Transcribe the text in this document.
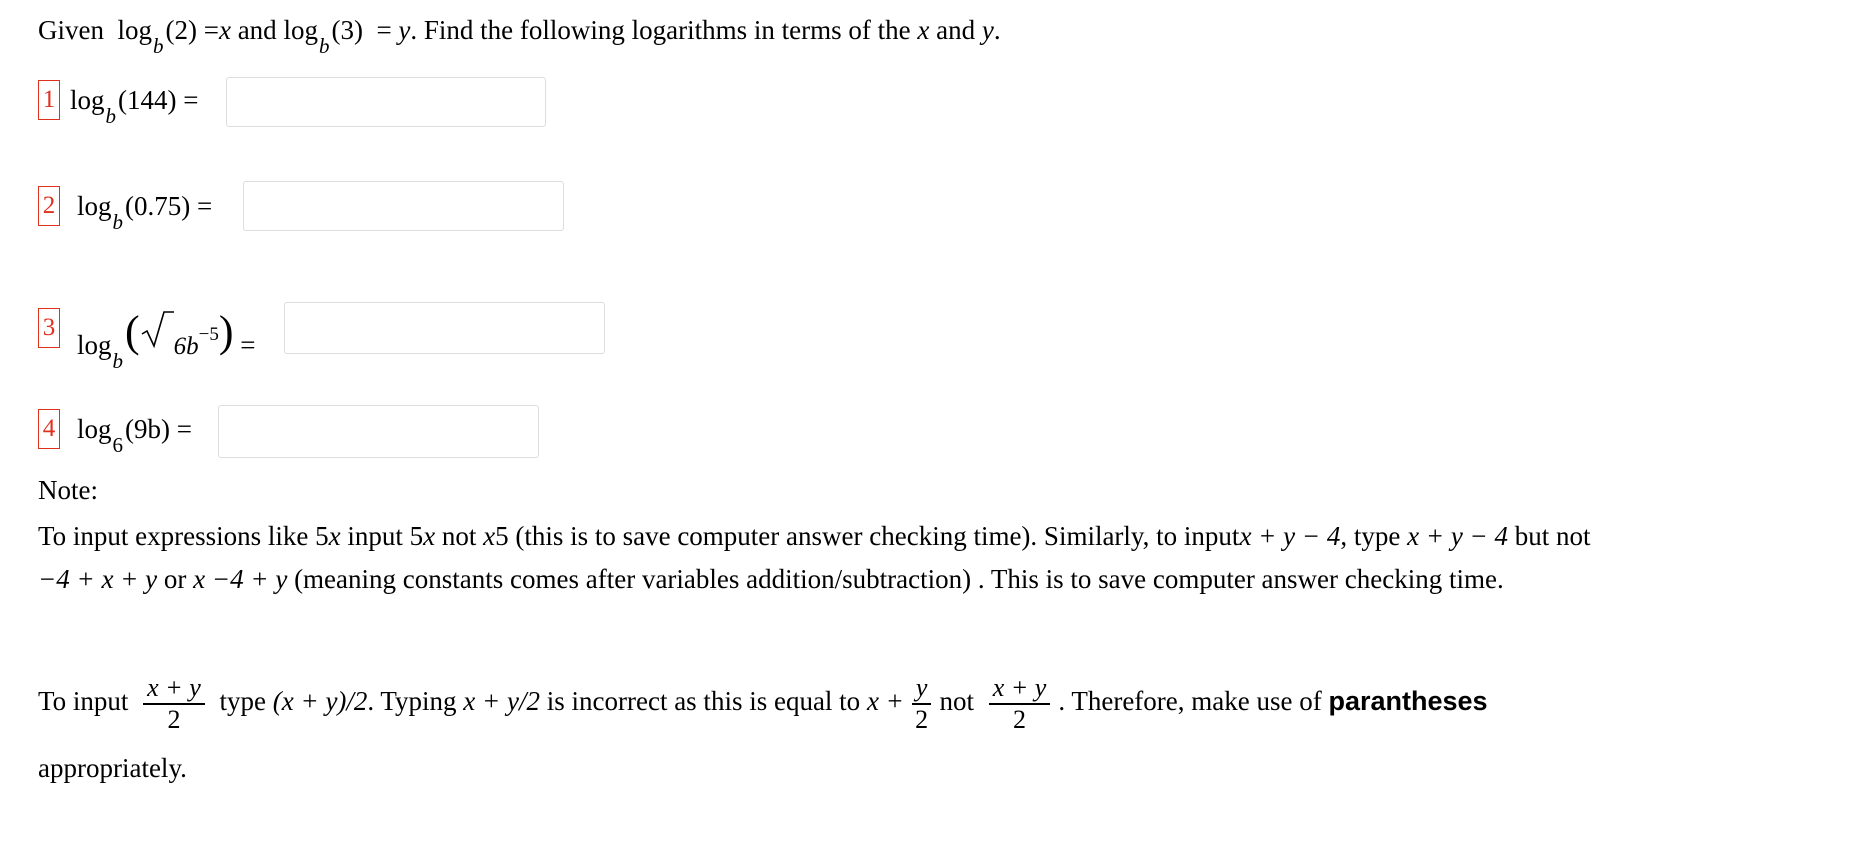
Given $\log_b(2) =x$ and $\log_b(3) = y$. Find the following logarithms in terms of the x and y.
1 $\log_b(144)$ =
2 $\log_b(0.75)$ =
3
$\log_b$( 6b−5) =
4 $\log_6(9b)$ =
Note:
To input expressions like 5x input 5x not x5 (this is to save computer answer checking time). Similarly, to inputx + y − 4, type x + y − 4 but not
−4 + x + y or x −4 + y (meaning constants comes after variables addition/subtraction) . This is to save computer answer checking time.
To input $\frac{x + y}{2}$ type (x + y)/2. Typing x + y/2 is incorrect as this is equal to $x + \frac{y}{2}$ not $\frac{x + y}{2}$ . Therefore, make use of parantheses
appropriately.
